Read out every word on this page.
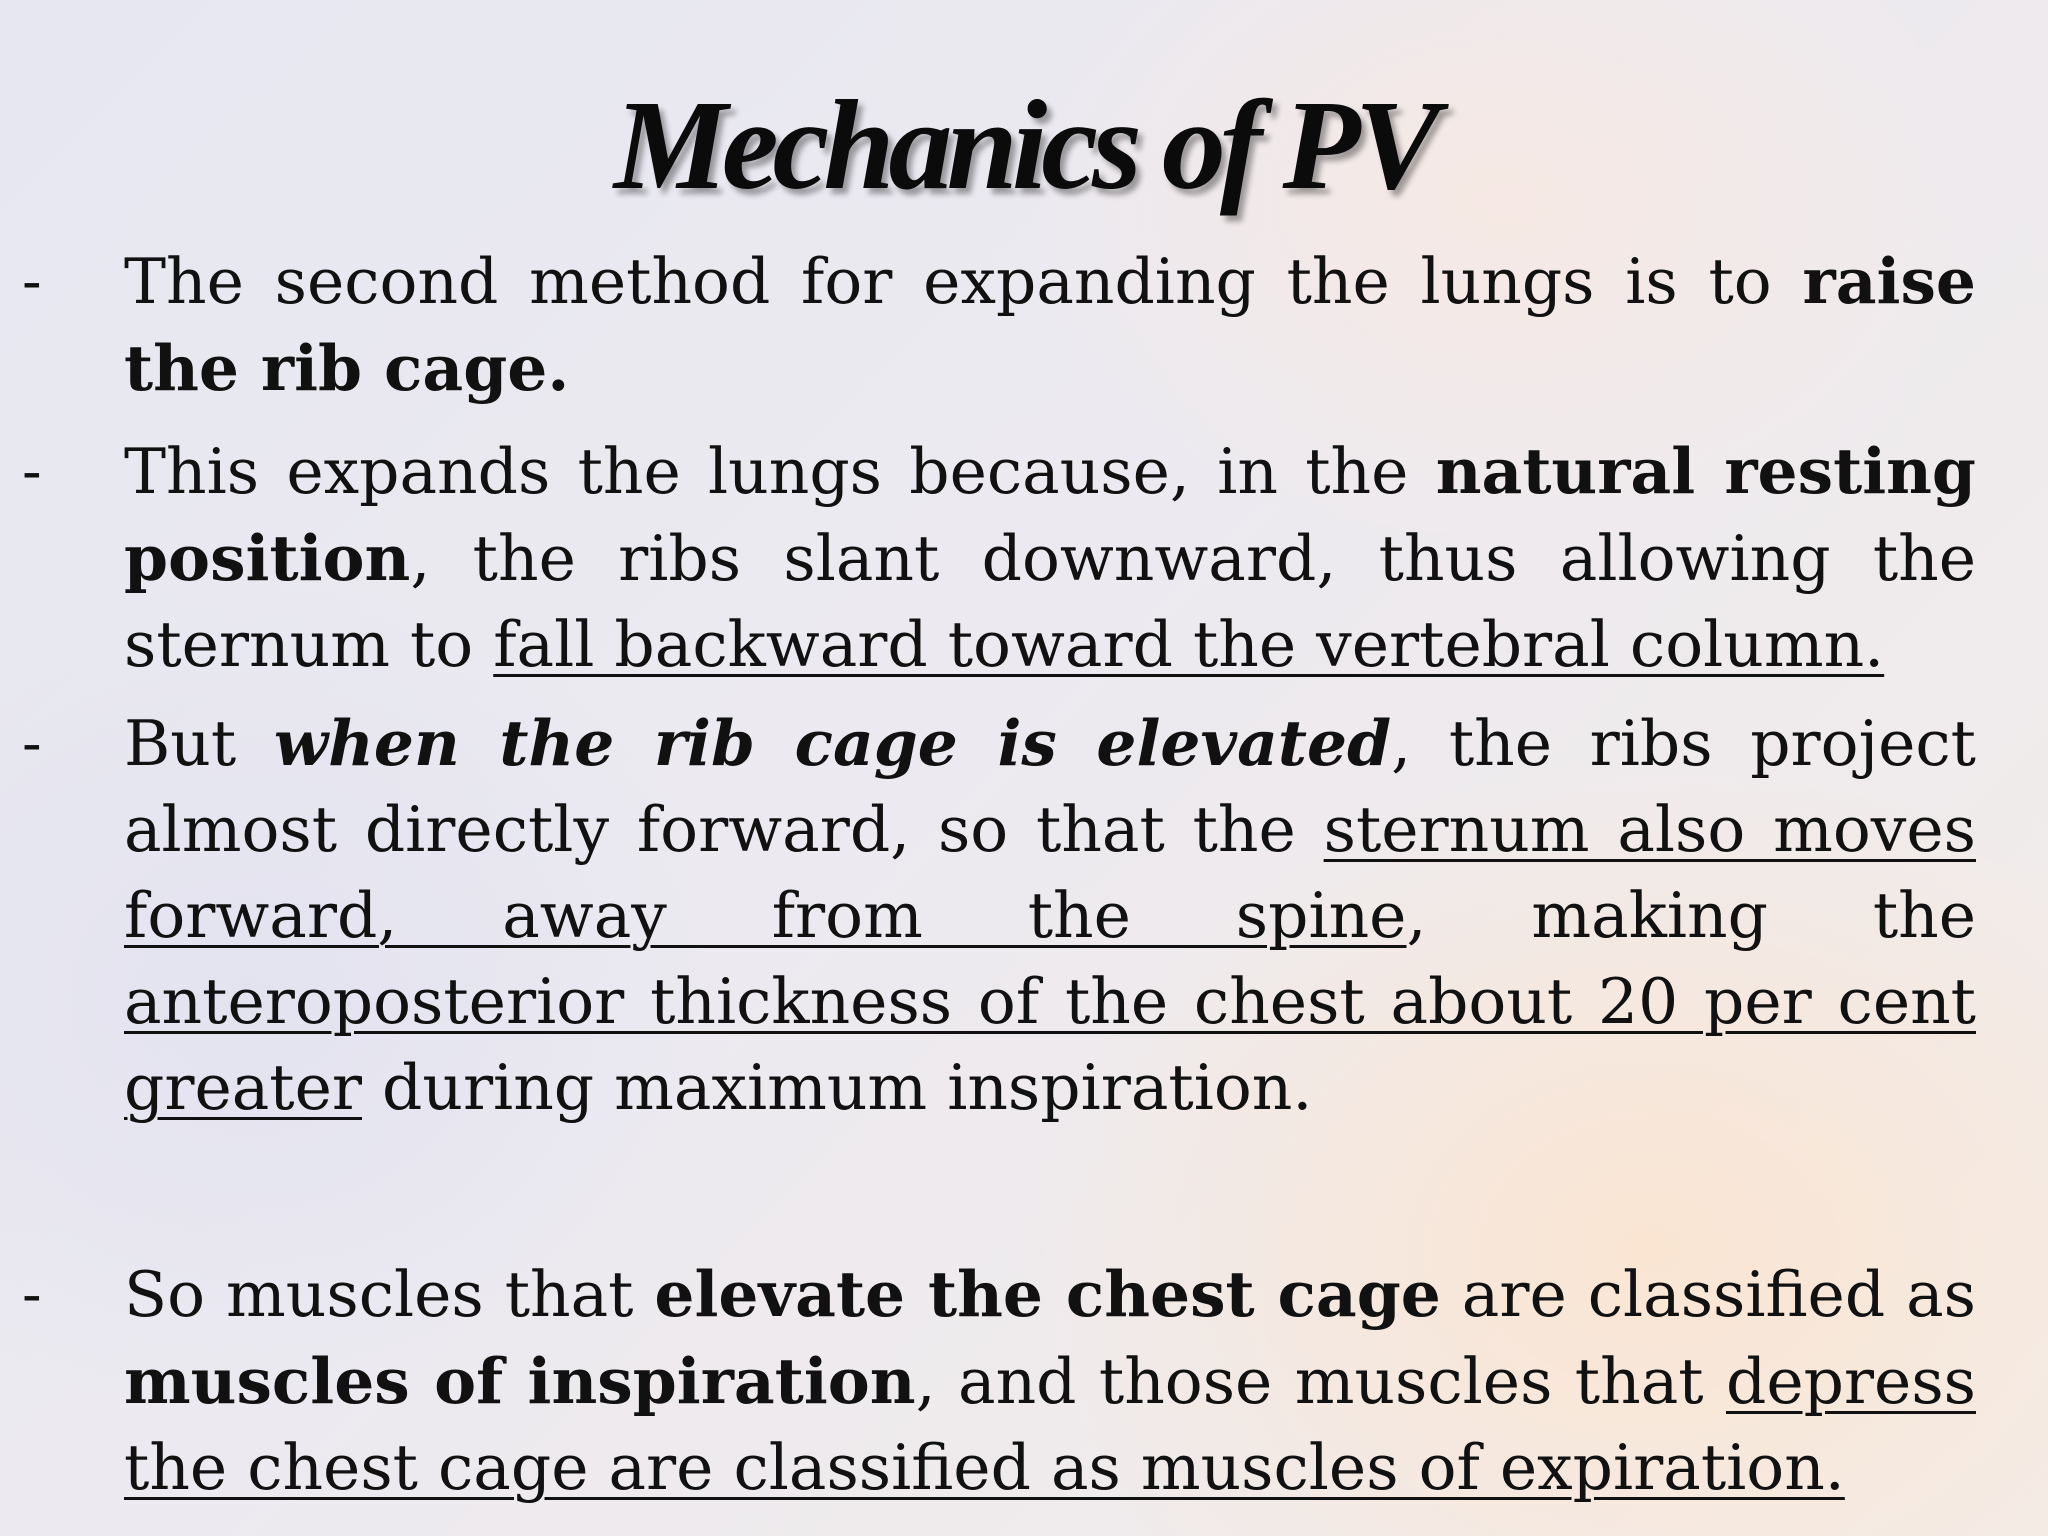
Mechanics of PV
- The second method for expanding the lungs is to raise the rib cage.

- This expands the lungs because, in the natural resting position, the ribs slant downward, thus allowing the sternum to fall backward toward the vertebral column.

- But when the rib cage is elevated, the ribs project almost directly forward, so that the sternum also moves forward, away from the spine, making the anteroposterior thickness of the chest about 20 per cent greater during maximum inspiration.

- So muscles that elevate the chest cage are classified as muscles of inspiration, and those muscles that depress the chest cage are classified as muscles of expiration.
